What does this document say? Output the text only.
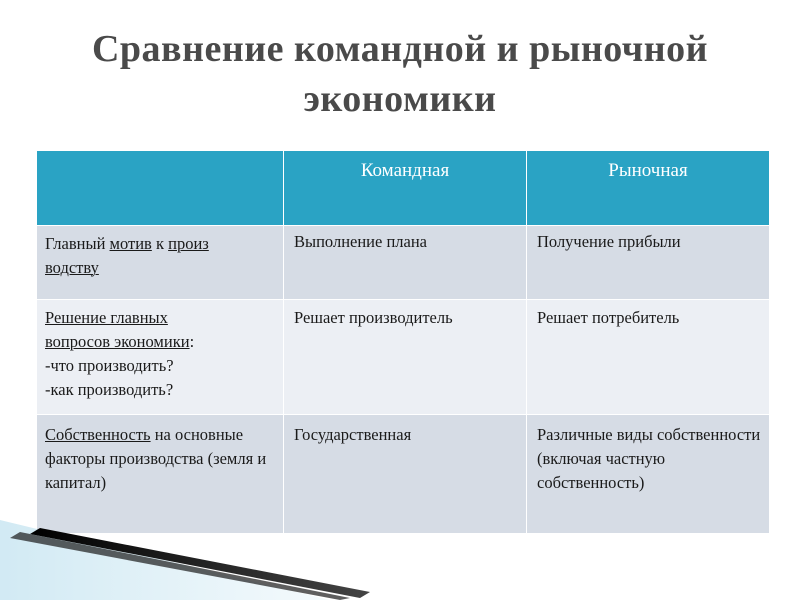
Сравнение командной и рыночной
экономики
	Командная	Рыночная
Главный мотив к произ
водству	Выполнение плана	Получение прибыли
Решение главных
вопросов экономики:
-что производить?
-как производить?	Решает производитель	Решает потребитель
Собственность на основные факторы производства (земля и капитал)	Государственная	Различные виды собственности (включая частную собственность)
